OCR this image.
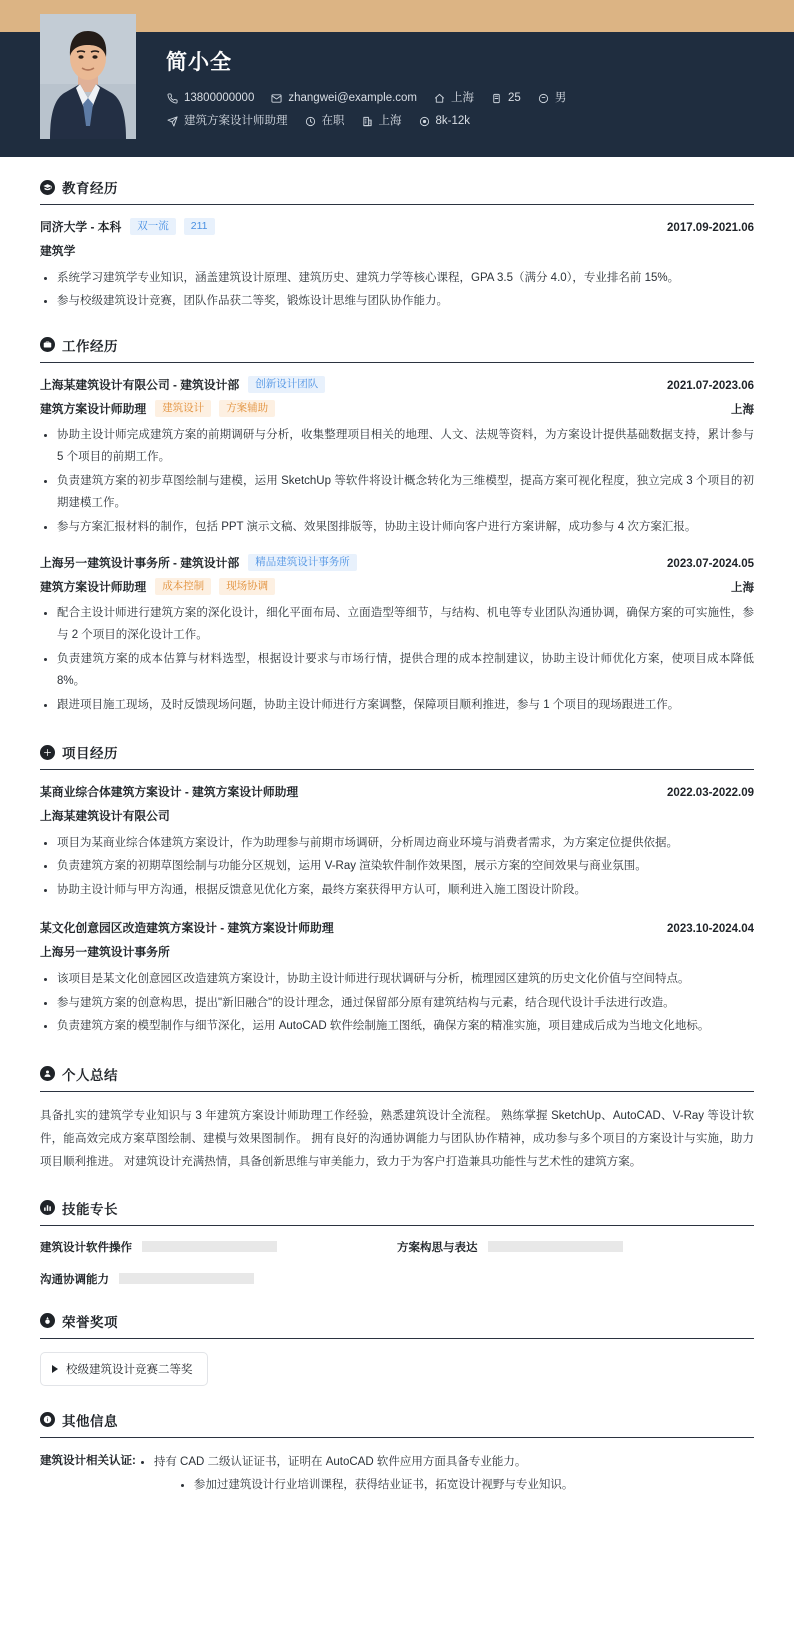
简小全
13800000000	zhangwei@example.com	上海	25	男
建筑方案设计师助理	在职	上海	8k-12k
教育经历
同济大学 - 本科	双一流	211	2017.09-2021.06
建筑学
系统学习建筑学专业知识，涵盖建筑设计原理、建筑历史、建筑力学等核心课程，GPA 3.5（满分 4.0），专业排名前 15%。
参与校级建筑设计竞赛，团队作品获二等奖，锻炼设计思维与团队协作能力。
工作经历
上海某建筑设计有限公司 - 建筑设计部	创新设计团队	2021.07-2023.06
建筑方案设计师助理	建筑设计	方案辅助	上海
协助主设计师完成建筑方案的前期调研与分析，收集整理项目相关的地理、人文、法规等资料，为方案设计提供基础数据支持，累计参与 5 个项目的前期工作。
负责建筑方案的初步草图绘制与建模，运用 SketchUp 等软件将设计概念转化为三维模型，提高方案可视化程度，独立完成 3 个项目的初期建模工作。
参与方案汇报材料的制作，包括 PPT 演示文稿、效果图排版等，协助主设计师向客户进行方案讲解，成功参与 4 次方案汇报。
上海另一建筑设计事务所 - 建筑设计部	精品建筑设计事务所	2023.07-2024.05
建筑方案设计师助理	成本控制	现场协调	上海
配合主设计师进行建筑方案的深化设计，细化平面布局、立面造型等细节，与结构、机电等专业团队沟通协调，确保方案的可实施性，参与 2 个项目的深化设计工作。
负责建筑方案的成本估算与材料选型，根据设计要求与市场行情，提供合理的成本控制建议，协助主设计师优化方案，使项目成本降低 8%。
跟进项目施工现场，及时反馈现场问题，协助主设计师进行方案调整，保障项目顺利推进，参与 1 个项目的现场跟进工作。
项目经历
某商业综合体建筑方案设计 - 建筑方案设计师助理	2022.03-2022.09
上海某建筑设计有限公司
项目为某商业综合体建筑方案设计，作为助理参与前期市场调研，分析周边商业环境与消费者需求，为方案定位提供依据。
负责建筑方案的初期草图绘制与功能分区规划，运用 V-Ray 渲染软件制作效果图，展示方案的空间效果与商业氛围。
协助主设计师与甲方沟通，根据反馈意见优化方案，最终方案获得甲方认可，顺利进入施工图设计阶段。
某文化创意园区改造建筑方案设计 - 建筑方案设计师助理	2023.10-2024.04
上海另一建筑设计事务所
该项目是某文化创意园区改造建筑方案设计，协助主设计师进行现状调研与分析，梳理园区建筑的历史文化价值与空间特点。
参与建筑方案的创意构思，提出"新旧融合"的设计理念，通过保留部分原有建筑结构与元素，结合现代设计手法进行改造。
负责建筑方案的模型制作与细节深化，运用 AutoCAD 软件绘制施工图纸，确保方案的精准实施，项目建成后成为当地文化地标。
个人总结
具备扎实的建筑学专业知识与 3 年建筑方案设计师助理工作经验，熟悉建筑设计全流程。 熟练掌握 SketchUp、AutoCAD、V-Ray 等设计软件，能高效完成方案草图绘制、建模与效果图制作。 拥有良好的沟通协调能力与团队协作精神，成功参与多个项目的方案设计与实施，助力项目顺利推进。 对建筑设计充满热情，具备创新思维与审美能力，致力于为客户打造兼具功能性与艺术性的建筑方案。
技能专长
建筑设计软件操作	方案构思与表达
沟通协调能力
荣誉奖项
校级建筑设计竞赛二等奖
其他信息
建筑设计相关认证:	持有 CAD 二级认证证书，证明在 AutoCAD 软件应用方面具备专业能力。
参加过建筑设计行业培训课程，获得结业证书，拓宽设计视野与专业知识。
